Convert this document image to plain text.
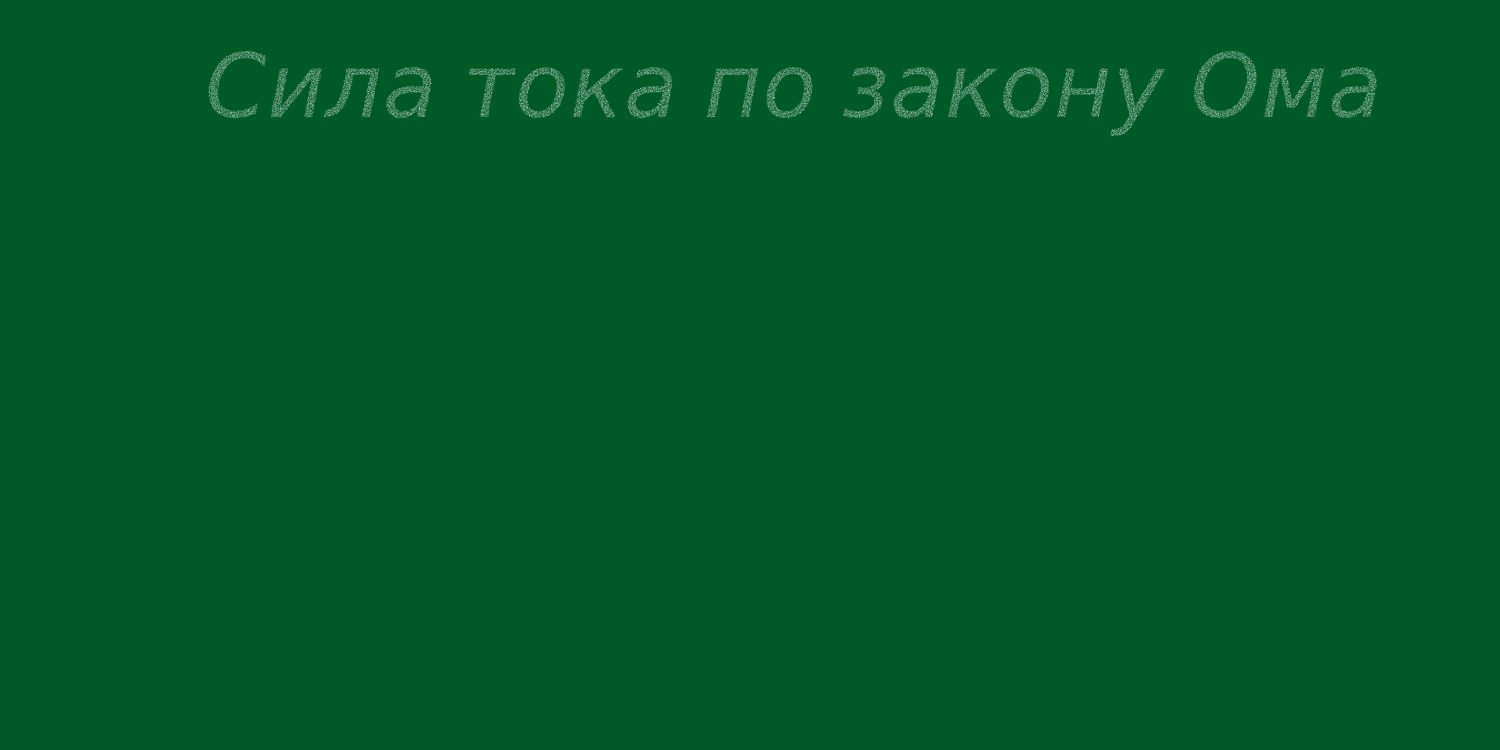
Сила тока по закону Ома
